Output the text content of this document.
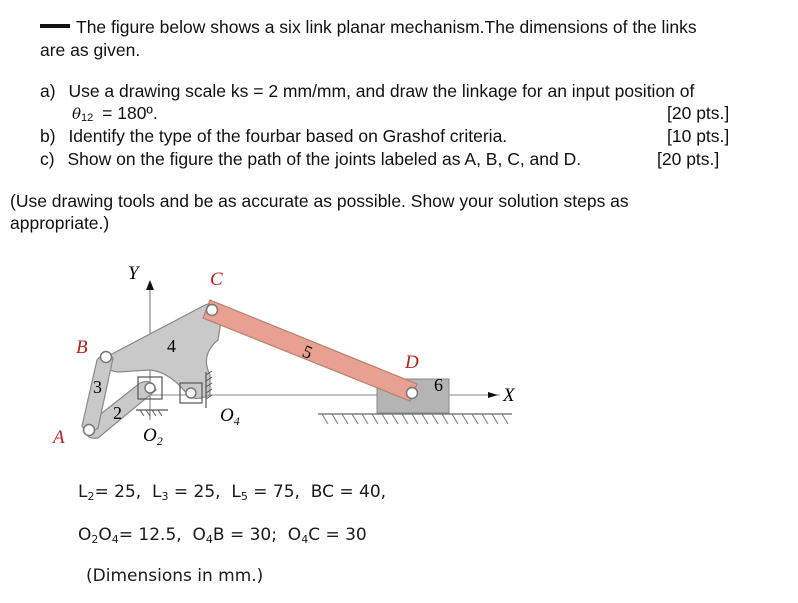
The figure below shows a six link planar mechanism.The dimensions of the links
are as given.
a) Use a drawing scale ks = 2 mm/mm, and draw the linkage for an input position of
θ12 = 180º.	[20 pts.]
b) Identify the type of the fourbar based on Grashof criteria.	[10 pts.]
c) Show on the figure the path of the joints labeled as A, B, C, and D.	[20 pts.]
(Use drawing tools and be as accurate as possible. Show your solution steps as
appropriate.)
Y
X
A
B
C
D
2
3
4	5
6
$O_2$
$O_4$
L2= 25, L3 = 25, L5 = 75, BC = 40,
O2O4= 12.5, O4B = 30; O4C = 30
(Dimensions in mm.)
